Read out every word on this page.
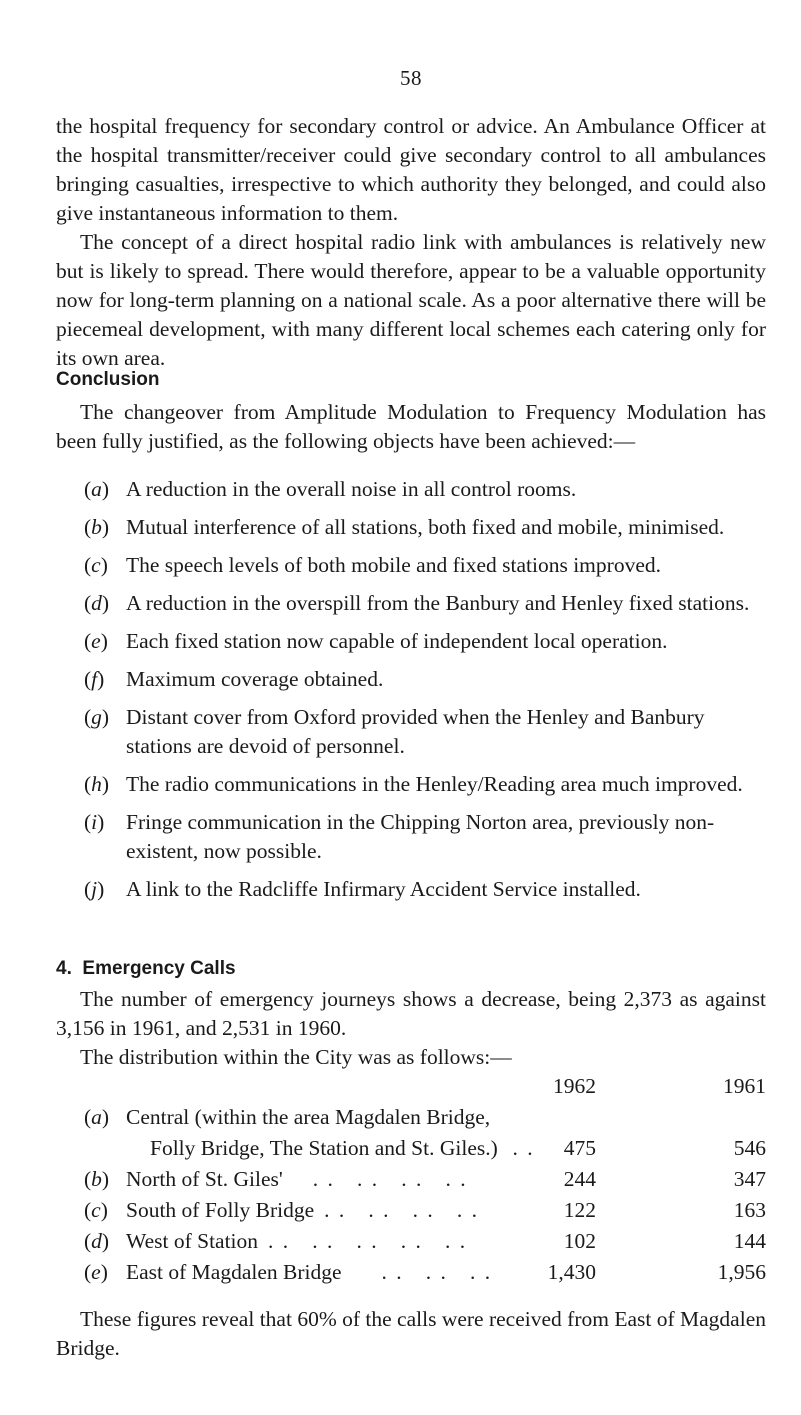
58

the hospital frequency for secondary control or advice. An Ambulance Officer at the hospital transmitter/receiver could give secondary control to all ambulances bringing casualties, irrespective to which authority they belonged, and could also give instantaneous information to them.

The concept of a direct hospital radio link with ambulances is relatively new but is likely to spread. There would therefore, appear to be a valuable opportunity now for long-term planning on a national scale. As a poor alternative there will be piecemeal development, with many different local schemes each catering only for its own area.

Conclusion

The changeover from Amplitude Modulation to Frequency Modulation has been fully justified, as the following objects have been achieved:—

(a) A reduction in the overall noise in all control rooms.
(b) Mutual interference of all stations, both fixed and mobile, minimised.
(c) The speech levels of both mobile and fixed stations improved.
(d) A reduction in the overspill from the Banbury and Henley fixed stations.
(e) Each fixed station now capable of independent local operation.
(f) Maximum coverage obtained.
(g) Distant cover from Oxford provided when the Henley and Banbury stations are devoid of personnel.
(h) The radio communications in the Henley/Reading area much improved.
(i) Fringe communication in the Chipping Norton area, previously non-existent, now possible.
(j) A link to the Radcliffe Infirmary Accident Service installed.
4. Emergency Calls

The number of emergency journeys shows a decrease, being 2,373 as against 3,156 in 1961, and 2,531 in 1960.

The distribution within the City was as follows:—

1962	1961
(a) Central (within the area Magdalen Bridge,
Folly Bridge, The Station and St. Giles.)  . .	475	546
(b) North of St. Giles' . .   . .   . .   . .	244	347
(c) South of Folly Bridge . .   . .   . .   . .	122	163
(d) West of Station . .   . .   . .   . .   . .	102	144
(e) East of Magdalen Bridge . .   . .   . .	1,430	1,956

These figures reveal that 60% of the calls were received from East of Magdalen Bridge.
